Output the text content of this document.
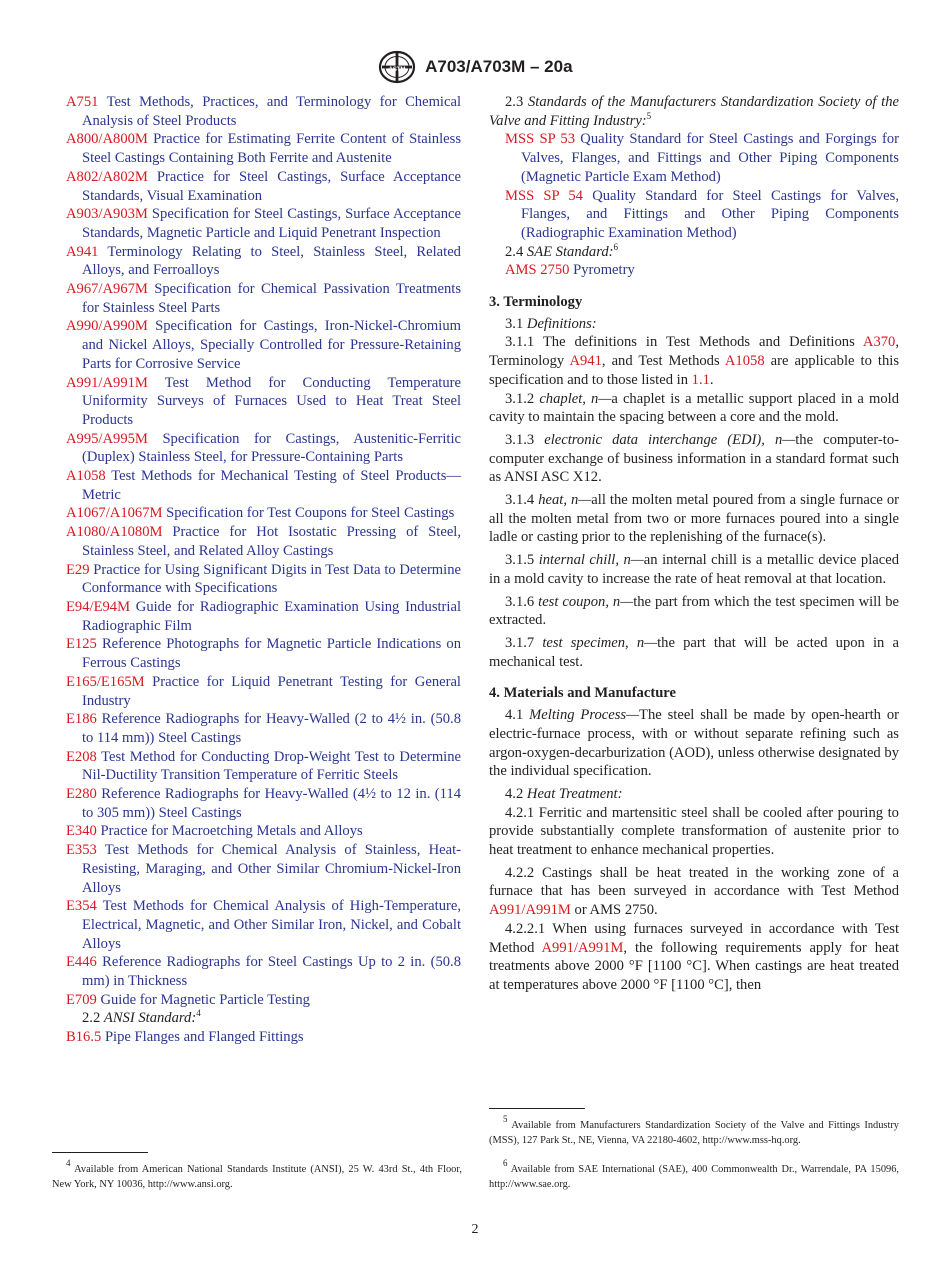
ASTM A703/A703M – 20a
A751 Test Methods, Practices, and Terminology for Chemical Analysis of Steel Products
A800/A800M Practice for Estimating Ferrite Content of Stainless Steel Castings Containing Both Ferrite and Austenite
A802/A802M Practice for Steel Castings, Surface Acceptance Standards, Visual Examination
A903/A903M Specification for Steel Castings, Surface Acceptance Standards, Magnetic Particle and Liquid Penetrant Inspection
A941 Terminology Relating to Steel, Stainless Steel, Related Alloys, and Ferroalloys
A967/A967M Specification for Chemical Passivation Treatments for Stainless Steel Parts
A990/A990M Specification for Castings, Iron-Nickel-Chromium and Nickel Alloys, Specially Controlled for Pressure-Retaining Parts for Corrosive Service
A991/A991M Test Method for Conducting Temperature Uniformity Surveys of Furnaces Used to Heat Treat Steel Products
A995/A995M Specification for Castings, Austenitic-Ferritic (Duplex) Stainless Steel, for Pressure-Containing Parts
A1058 Test Methods for Mechanical Testing of Steel Products—Metric
A1067/A1067M Specification for Test Coupons for Steel Castings
A1080/A1080M Practice for Hot Isostatic Pressing of Steel, Stainless Steel, and Related Alloy Castings
E29 Practice for Using Significant Digits in Test Data to Determine Conformance with Specifications
E94/E94M Guide for Radiographic Examination Using Industrial Radiographic Film
E125 Reference Photographs for Magnetic Particle Indications on Ferrous Castings
E165/E165M Practice for Liquid Penetrant Testing for General Industry
E186 Reference Radiographs for Heavy-Walled (2 to 4½ in. (50.8 to 114 mm)) Steel Castings
E208 Test Method for Conducting Drop-Weight Test to Determine Nil-Ductility Transition Temperature of Ferritic Steels
E280 Reference Radiographs for Heavy-Walled (4½ to 12 in. (114 to 305 mm)) Steel Castings
E340 Practice for Macroetching Metals and Alloys
E353 Test Methods for Chemical Analysis of Stainless, Heat-Resisting, Maraging, and Other Similar Chromium-Nickel-Iron Alloys
E354 Test Methods for Chemical Analysis of High-Temperature, Electrical, Magnetic, and Other Similar Iron, Nickel, and Cobalt Alloys
E446 Reference Radiographs for Steel Castings Up to 2 in. (50.8 mm) in Thickness
E709 Guide for Magnetic Particle Testing
2.2 ANSI Standard:$^4$
B16.5 Pipe Flanges and Flanged Fittings
2.3 Standards of the Manufacturers Standardization Society of the Valve and Fitting Industry:$^5$
MSS SP 53 Quality Standard for Steel Castings and Forgings for Valves, Flanges, and Fittings and Other Piping Components (Magnetic Particle Exam Method)
MSS SP 54 Quality Standard for Steel Castings for Valves, Flanges, and Fittings and Other Piping Components (Radiographic Examination Method)
2.4 SAE Standard:$^6$
AMS 2750 Pyrometry
3. Terminology
3.1 Definitions:
3.1.1 The definitions in Test Methods and Definitions A370, Terminology A941, and Test Methods A1058 are applicable to this specification and to those listed in 1.1.
3.1.2 chaplet, n—a chaplet is a metallic support placed in a mold cavity to maintain the spacing between a core and the mold.
3.1.3 electronic data interchange (EDI), n—the computer-to-computer exchange of business information in a standard format such as ANSI ASC X12.
3.1.4 heat, n—all the molten metal poured from a single furnace or all the molten metal from two or more furnaces poured into a single ladle or casting prior to the replenishing of the furnace(s).
3.1.5 internal chill, n—an internal chill is a metallic device placed in a mold cavity to increase the rate of heat removal at that location.
3.1.6 test coupon, n—the part from which the test specimen will be extracted.
3.1.7 test specimen, n—the part that will be acted upon in a mechanical test.
4. Materials and Manufacture
4.1 Melting Process—The steel shall be made by open-hearth or electric-furnace process, with or without separate refining such as argon-oxygen-decarburization (AOD), unless otherwise designated by the individual specification.
4.2 Heat Treatment:
4.2.1 Ferritic and martensitic steel shall be cooled after pouring to provide substantially complete transformation of austenite prior to heat treatment to enhance mechanical properties.
4.2.2 Castings shall be heat treated in the working zone of a furnace that has been surveyed in accordance with Test Method A991/A991M or AMS 2750.
4.2.2.1 When using furnaces surveyed in accordance with Test Method A991/A991M, the following requirements apply for heat treatments above 2000 °F [1100 °C]. When castings are heat treated at temperatures above 2000 °F [1100 °C], then
$^4$ Available from American National Standards Institute (ANSI), 25 W. 43rd St., 4th Floor, New York, NY 10036, http://www.ansi.org.
$^5$ Available from Manufacturers Standardization Society of the Valve and Fittings Industry (MSS), 127 Park St., NE, Vienna, VA 22180-4602, http://www.mss-hq.org.
$^6$ Available from SAE International (SAE), 400 Commonwealth Dr., Warrendale, PA 15096, http://www.sae.org.
2
